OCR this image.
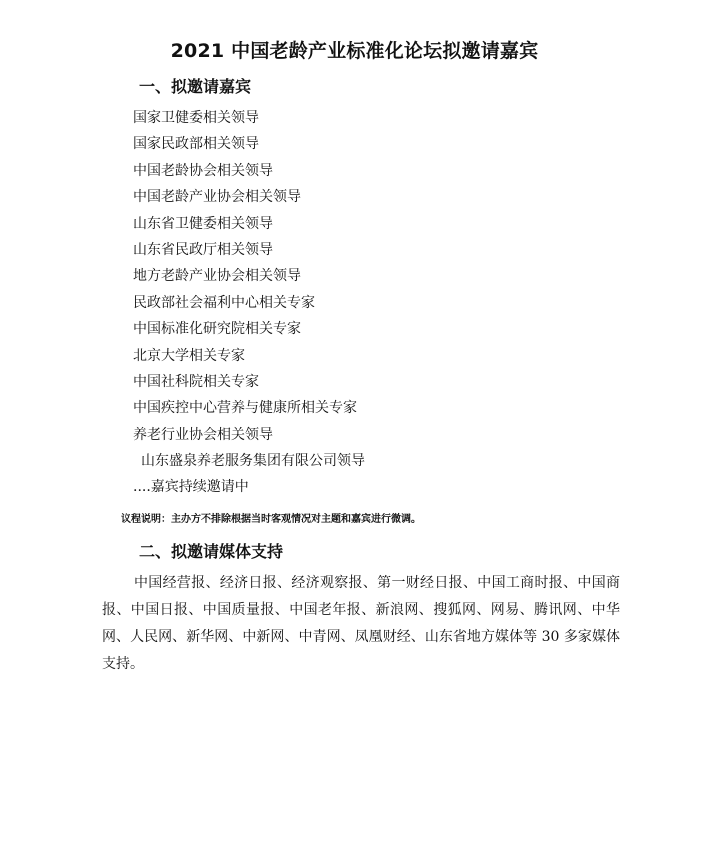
2021 中国老龄产业标准化论坛拟邀请嘉宾
一、拟邀请嘉宾
国家卫健委相关领导
国家民政部相关领导
中国老龄协会相关领导
中国老龄产业协会相关领导
山东省卫健委相关领导
山东省民政厅相关领导
地方老龄产业协会相关领导
民政部社会福利中心相关专家
中国标准化研究院相关专家
北京大学相关专家
中国社科院相关专家
中国疾控中心营养与健康所相关专家
养老行业协会相关领导
山东盛泉养老服务集团有限公司领导
....嘉宾持续邀请中
议程说明：主办方不排除根据当时客观情况对主题和嘉宾进行微调。
二、拟邀请媒体支持

中国经营报、经济日报、经济观察报、第一财经日报、中国工商时报、中国商报、中国日报、中国质量报、中国老年报、新浪网、搜狐网、网易、腾讯网、中华网、人民网、新华网、中新网、中青网、凤凰财经、山东省地方媒体等 30 多家媒体支持。
